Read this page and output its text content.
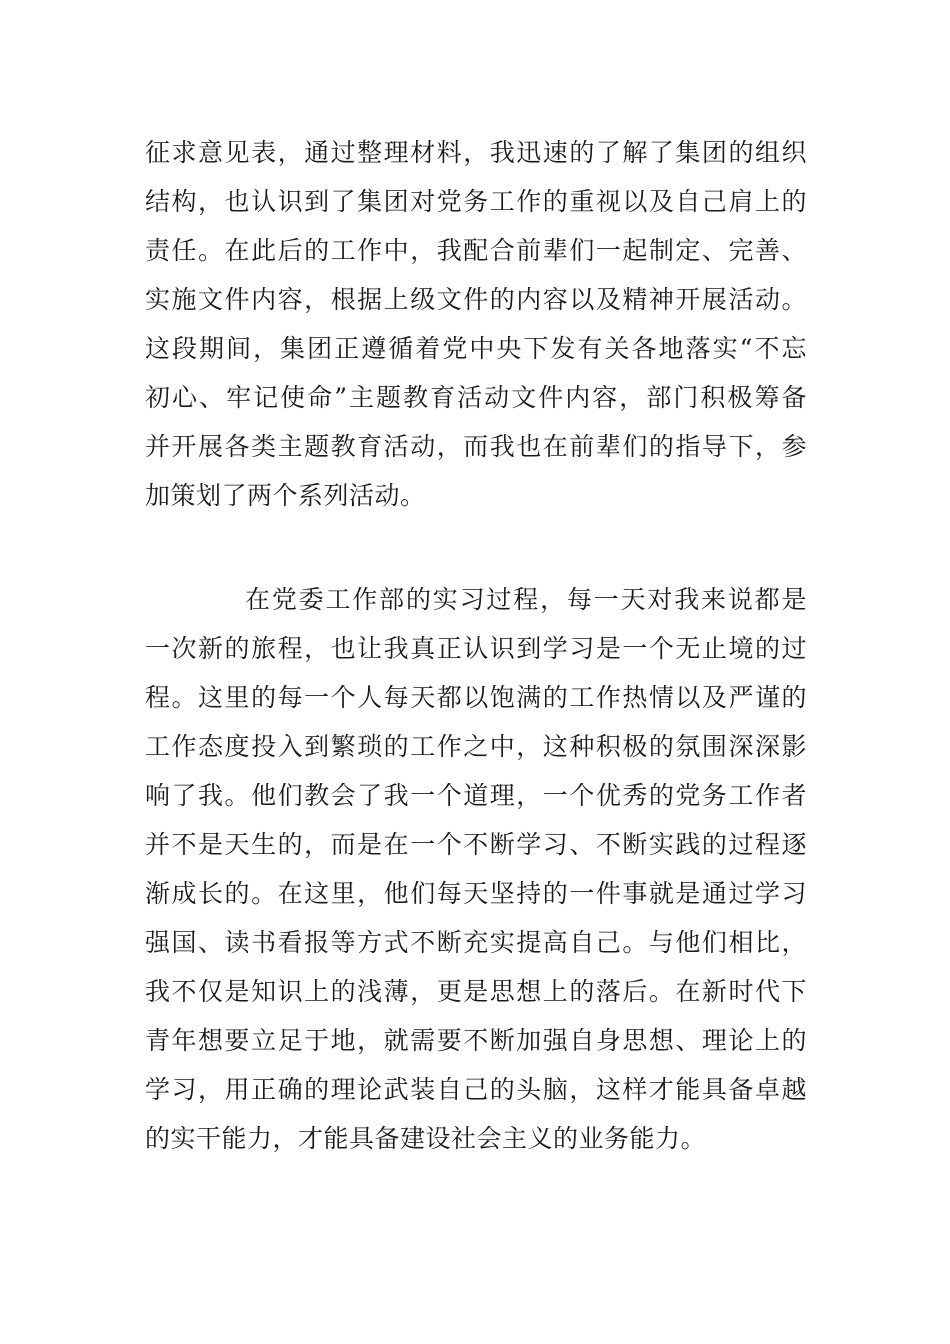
征求意见表，通过整理材料，我迅速的了解了集团的组织
结构，也认识到了集团对党务工作的重视以及自己肩上的
责任。在此后的工作中，我配合前辈们一起制定、完善、
实施文件内容，根据上级文件的内容以及精神开展活动。
这段期间，集团正遵循着党中央下发有关各地落实“不忘
初心、牢记使命”主题教育活动文件内容，部门积极筹备
并开展各类主题教育活动，而我也在前辈们的指导下，参
加策划了两个系列活动。

在党委工作部的实习过程，每一天对我来说都是
一次新的旅程，也让我真正认识到学习是一个无止境的过
程。这里的每一个人每天都以饱满的工作热情以及严谨的
工作态度投入到繁琐的工作之中，这种积极的氛围深深影
响了我。他们教会了我一个道理，一个优秀的党务工作者
并不是天生的，而是在一个不断学习、不断实践的过程逐
渐成长的。在这里，他们每天坚持的一件事就是通过学习
强国、读书看报等方式不断充实提高自己。与他们相比，
我不仅是知识上的浅薄，更是思想上的落后。在新时代下
青年想要立足于地，就需要不断加强自身思想、理论上的
学习，用正确的理论武装自己的头脑，这样才能具备卓越
的实干能力，才能具备建设社会主义的业务能力。
